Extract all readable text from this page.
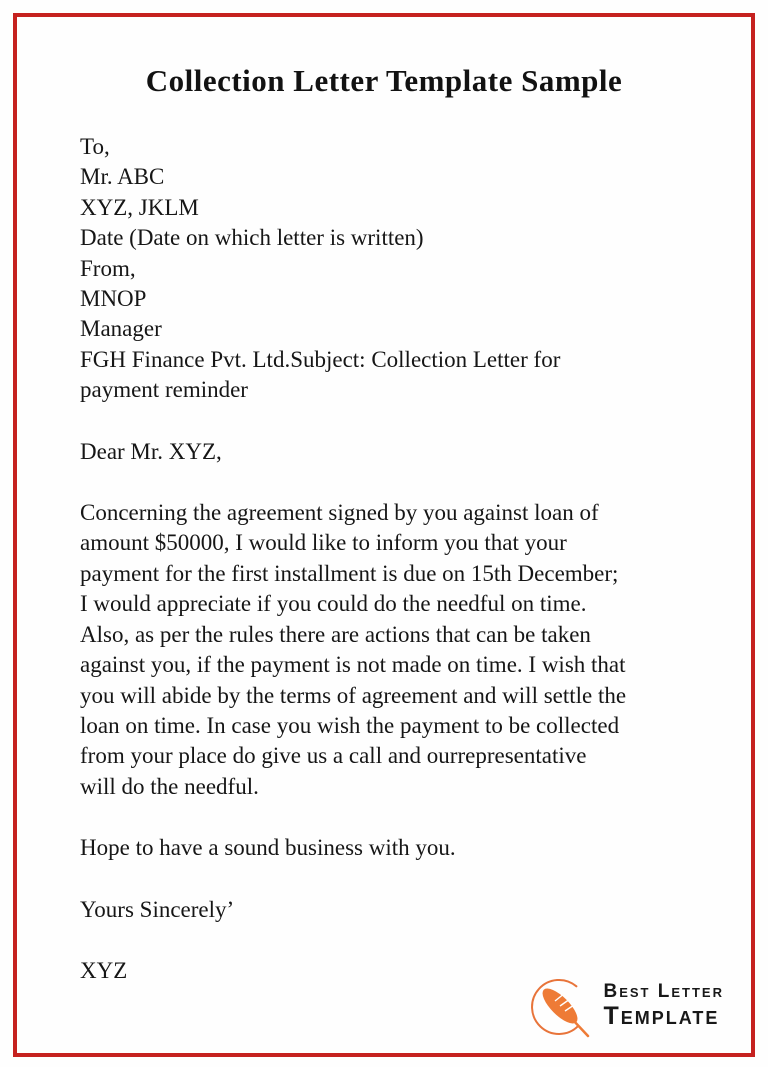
Collection Letter Template Sample
To,
Mr. ABC
XYZ, JKLM
Date (Date on which letter is written)
From,
MNOP
Manager
FGH Finance Pvt. Ltd.Subject: Collection Letter for
payment reminder
Dear Mr. XYZ,
Concerning the agreement signed by you against loan of
amount $50000, I would like to inform you that your
payment for the first installment is due on 15th December;
I would appreciate if you could do the needful on time.
Also, as per the rules there are actions that can be taken
against you, if the payment is not made on time. I wish that
you will abide by the terms of agreement and will settle the
loan on time. In case you wish the payment to be collected
from your place do give us a call and ourrepresentative
will do the needful.
Hope to have a sound business with you.
Yours Sincerely’
XYZ
Best Letter
Template
